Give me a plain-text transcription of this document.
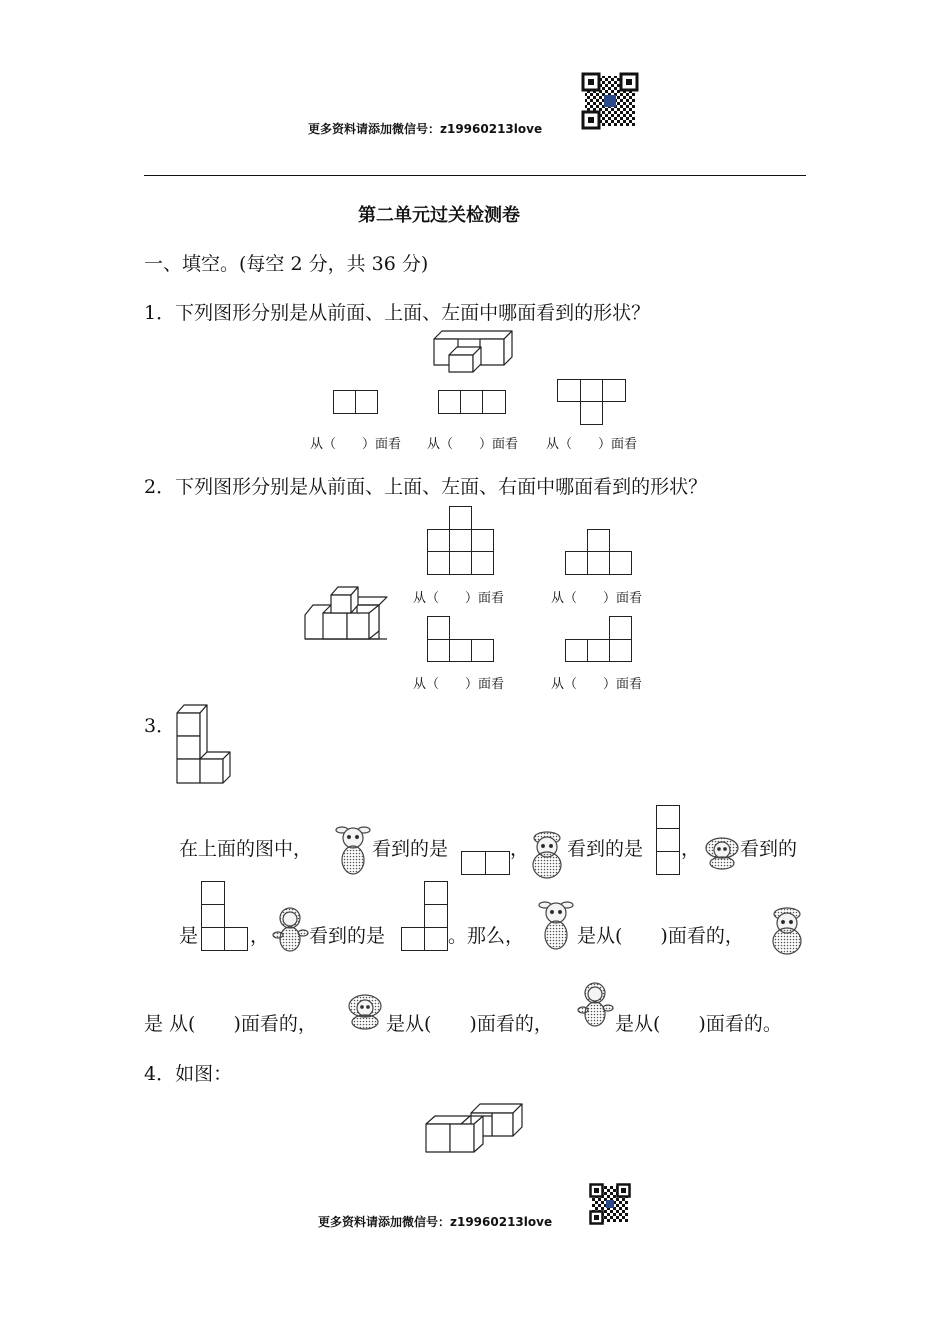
更多资料请添加微信号：z19960213love
第二单元过关检测卷
一、填空。(每空 2 分，共 36 分)
1．下列图形分别是从前面、上面、左面中哪面看到的形状？
从（　　）面看 从（　　）面看 从（　　）面看
2．下列图形分别是从前面、上面、左面、右面中哪面看到的形状？
从（　　）面看	从（　　）面看
从（　　）面看	从（　　）面看
3．
在上面的图中，	看到的是	， 看到的是 ， 看到的
是	， 看到的是	。那么，	是从(　　)面看的，
是 从(　　)面看的，	是从(　　)面看的，	是从(　　)面看的。
4．如图：
更多资料请添加微信号：z19960213love
